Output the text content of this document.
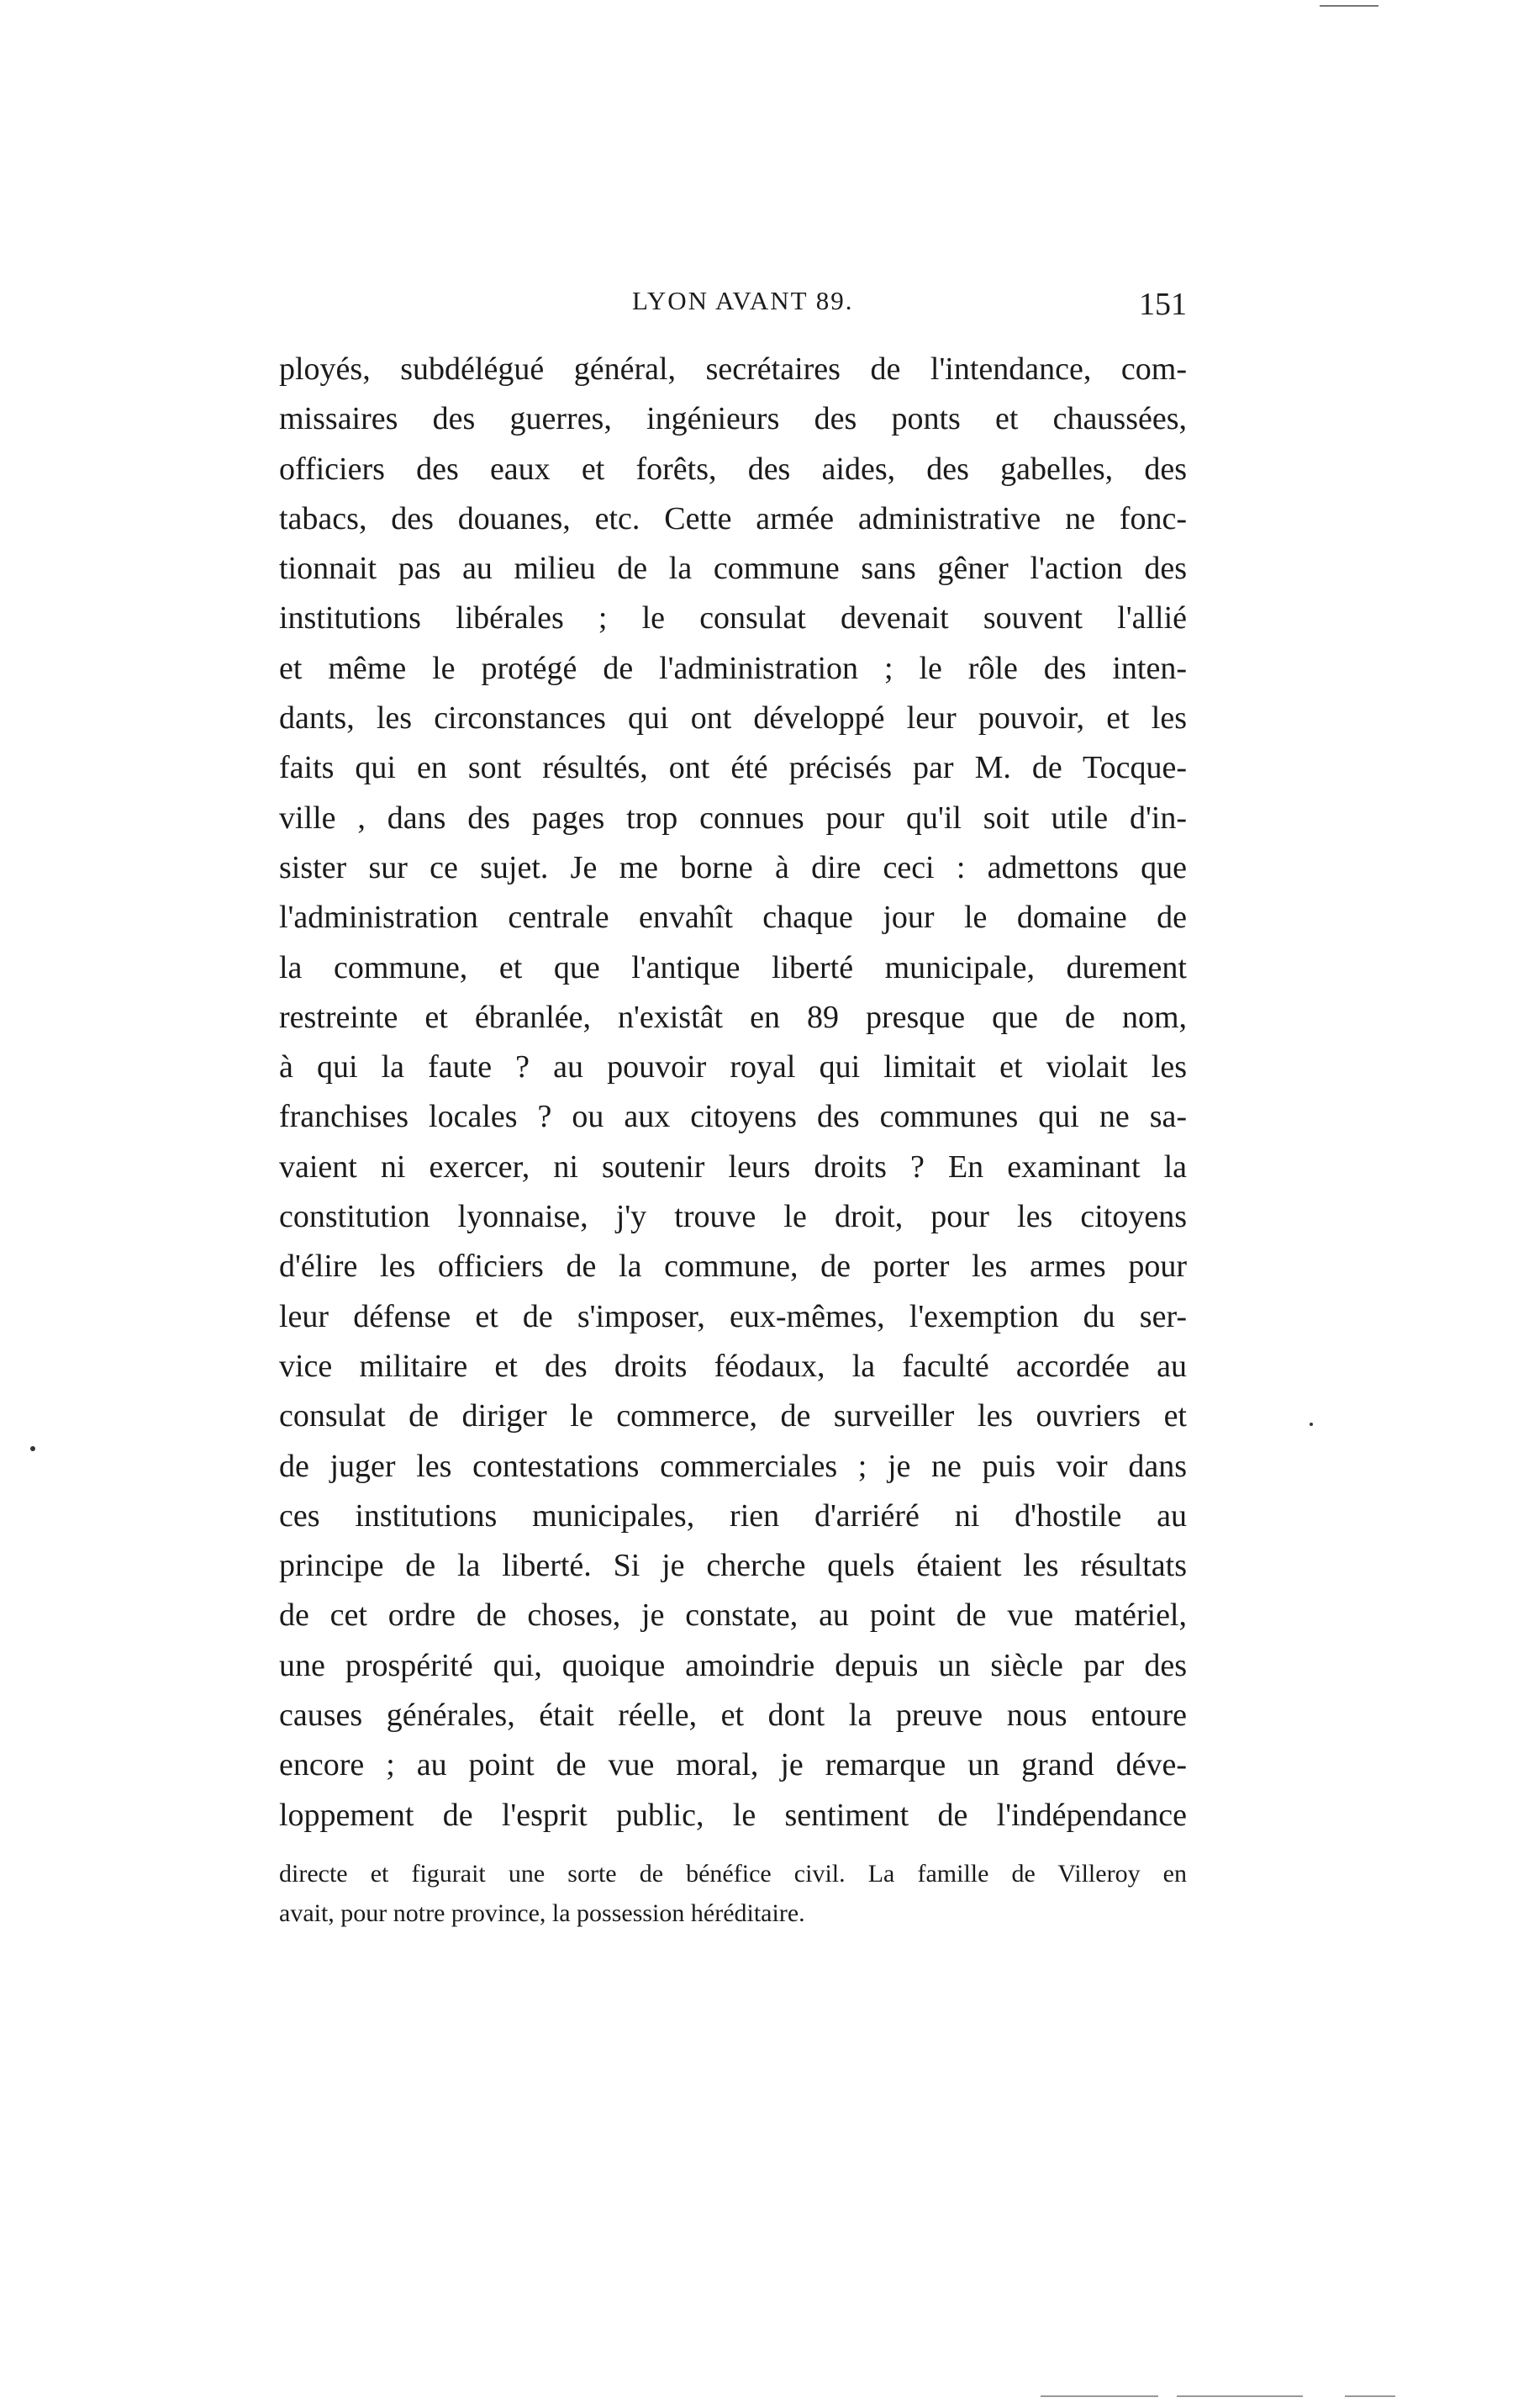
LYON AVANT 89.	151
ployés, subdélégué général, secrétaires de l'intendance, com-
missaires des guerres, ingénieurs des ponts et chaussées,
officiers des eaux et forêts, des aides, des gabelles, des
tabacs, des douanes, etc. Cette armée administrative ne fonc-
tionnait pas au milieu de la commune sans gêner l'action des
institutions libérales ; le consulat devenait souvent l'allié
et même le protégé de l'administration ; le rôle des inten-
dants, les circonstances qui ont développé leur pouvoir, et les
faits qui en sont résultés, ont été précisés par M. de Tocque-
ville , dans des pages trop connues pour qu'il soit utile d'in-
sister sur ce sujet. Je me borne à dire ceci : admettons que
l'administration centrale envahît chaque jour le domaine de
la commune, et que l'antique liberté municipale, durement
restreinte et ébranlée, n'existât en 89 presque que de nom,
à qui la faute ? au pouvoir royal qui limitait et violait les
franchises locales ? ou aux citoyens des communes qui ne sa-
vaient ni exercer, ni soutenir leurs droits ? En examinant la
constitution lyonnaise, j'y trouve le droit, pour les citoyens
d'élire les officiers de la commune, de porter les armes pour
leur défense et de s'imposer, eux-mêmes, l'exemption du ser-
vice militaire et des droits féodaux, la faculté accordée au
consulat de diriger le commerce, de surveiller les ouvriers et
de juger les contestations commerciales ; je ne puis voir dans
ces institutions municipales, rien d'arriéré ni d'hostile au
principe de la liberté. Si je cherche quels étaient les résultats
de cet ordre de choses, je constate, au point de vue matériel,
une prospérité qui, quoique amoindrie depuis un siècle par des
causes générales, était réelle, et dont la preuve nous entoure
encore ; au point de vue moral, je remarque un grand déve-
loppement de l'esprit public, le sentiment de l'indépendance
directe et figurait une sorte de bénéfice civil. La famille de Villeroy en
avait, pour notre province, la possession héréditaire.
